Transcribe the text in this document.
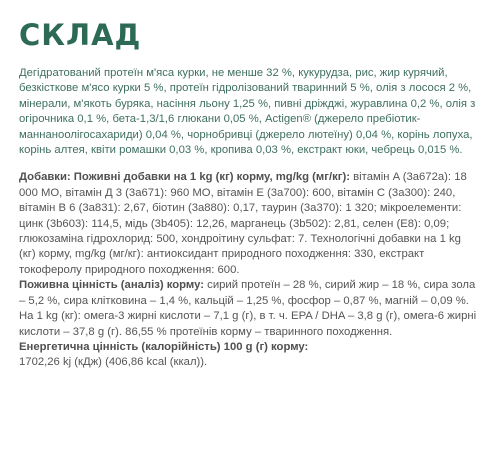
СКЛАД

Дегідратований протеїн м'яса курки, не менше 32 %, кукурудза, рис, жир курячий, безкісткове м'ясо курки 5 %, протеїн гідролізований тваринний 5 %, олія з лосося 2 %, мінерали, м'якоть буряка, насіння льону 1,25 %, пивні дріжджі, журавлина 0,2 %, олія з огірочника 0,1 %, бета-1,3/1,6 глюкани 0,05 %, Actigen® (джерело пребіотик- маннаноолігосахариди) 0,04 %, чорнобривці (джерело лютеїну) 0,04 %, корінь лопуха, корінь алтея, квіти ромашки 0,03 %, кропива 0,03 %, екстракт юки, чебрець 0,015 %.

Добавки: Поживні добавки на 1 kg (кг) корму, mg/kg (мг/кг): вітамін A (3a672a): 18 000 МО, вітамін Д 3 (3a671): 960 МО, вітамін E (3a700): 600, вітамін С (3a300): 240, вітамін В 6 (3a831): 2,67, біотин (3a880): 0,17, таурин (3a370): 1 320; мікроелементи: цинк (3b603): 114,5, мідь (3b405): 12,26, марганець (3b502): 2,81, селен (E8): 0,09; глюкозаміна гідрохлорид: 500, хондроітину сульфат: 7. Технологічні добавки на 1 kg (кг) корму, mg/kg (мг/кг): антиоксидант природного походження: 330, екстракт токоферолу природного походження: 600.

Поживна цінність (аналіз) корму: сирий протеїн – 28 %, сирий жир – 18 %, сира зола – 5,2 %, сира клітковина – 1,4 %, кальцій – 1,25 %, фосфор – 0,87 %, магній – 0,09 %. На 1 kg (кг): омега-3 жирні кислоти – 7,1 g (г), в т. ч. EPA / DHA – 3,8 g (г), омега-6 жирні кислоти – 37,8 g (г). 86,55 % протеїнів корму – тваринного походження.

Енергетична цінність (калорійність) 100 g (г) корму:

1702,26 kj (кДж) (406,86 kcal (ккал)).
